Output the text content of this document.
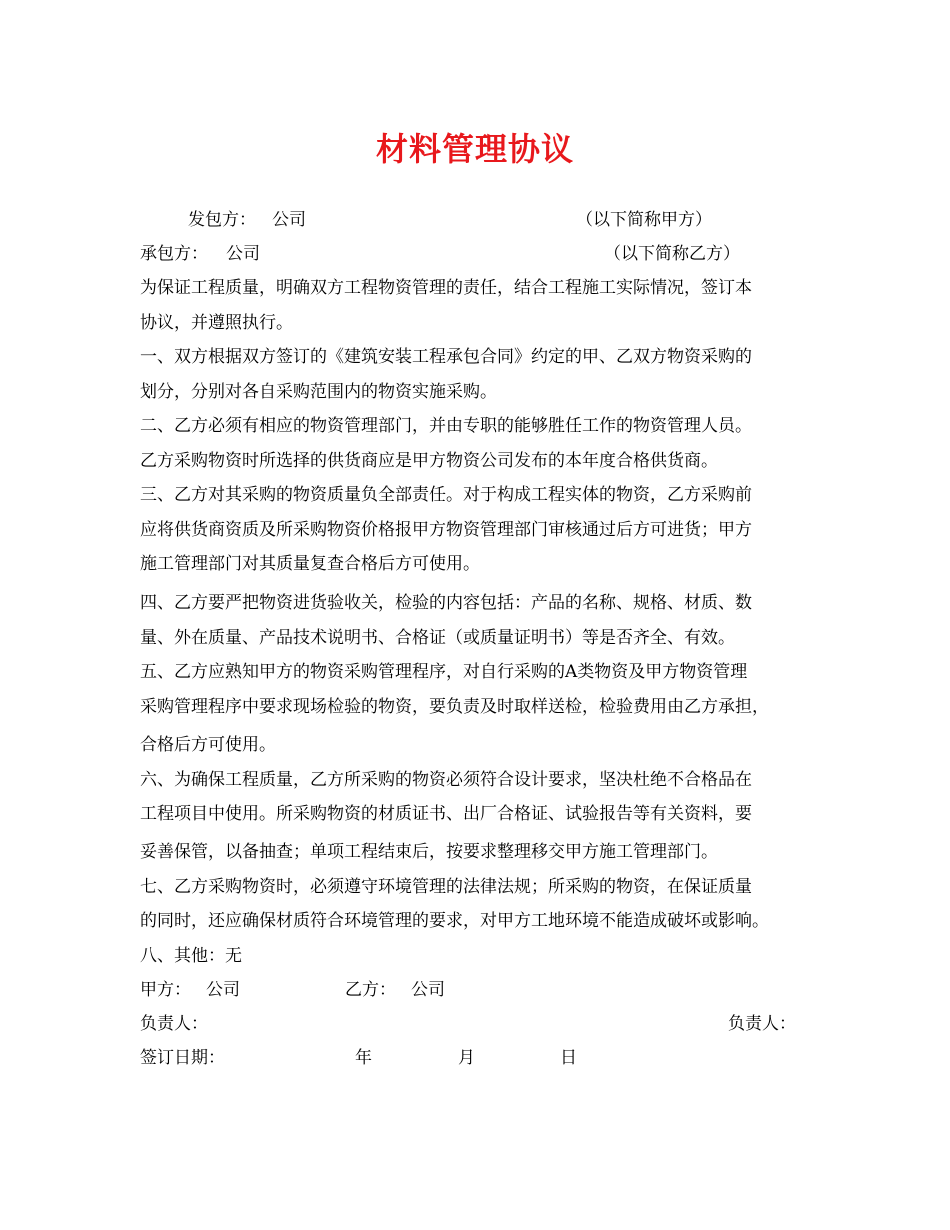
材料管理协议
发包方： 公司	（以下简称甲方）
承包方： 公司	（以下简称乙方）
为保证工程质量，明确双方工程物资管理的责任，结合工程施工实际情况，签订本
协议，并遵照执行。
一、双方根据双方签订的《建筑安装工程承包合同》约定的甲、乙双方物资采购的
划分，分别对各自采购范围内的物资实施采购。
二、乙方必须有相应的物资管理部门，并由专职的能够胜任工作的物资管理人员。
乙方采购物资时所选择的供货商应是甲方物资公司发布的本年度合格供货商。
三、乙方对其采购的物资质量负全部责任。对于构成工程实体的物资，乙方采购前
应将供货商资质及所采购物资价格报甲方物资管理部门审核通过后方可进货；甲方
施工管理部门对其质量复查合格后方可使用。
四、乙方要严把物资进货验收关，检验的内容包括：产品的名称、规格、材质、数
量、外在质量、产品技术说明书、合格证（或质量证明书）等是否齐全、有效。
五、乙方应熟知甲方的物资采购管理程序，对自行采购的A类物资及甲方物资管理
采购管理程序中要求现场检验的物资，要负责及时取样送检，检验费用由乙方承担，
合格后方可使用。
六、为确保工程质量，乙方所采购的物资必须符合设计要求，坚决杜绝不合格品在
工程项目中使用。所采购物资的材质证书、出厂合格证、试验报告等有关资料，要
妥善保管，以备抽查；单项工程结束后，按要求整理移交甲方施工管理部门。
七、乙方采购物资时，必须遵守环境管理的法律法规；所采购的物资，在保证质量
的同时，还应确保材质符合环境管理的要求，对甲方工地环境不能造成破坏或影响。
八、其他：无
甲方： 公司	乙方： 公司
负责人：	负责人：
签订日期：	年	月	日
